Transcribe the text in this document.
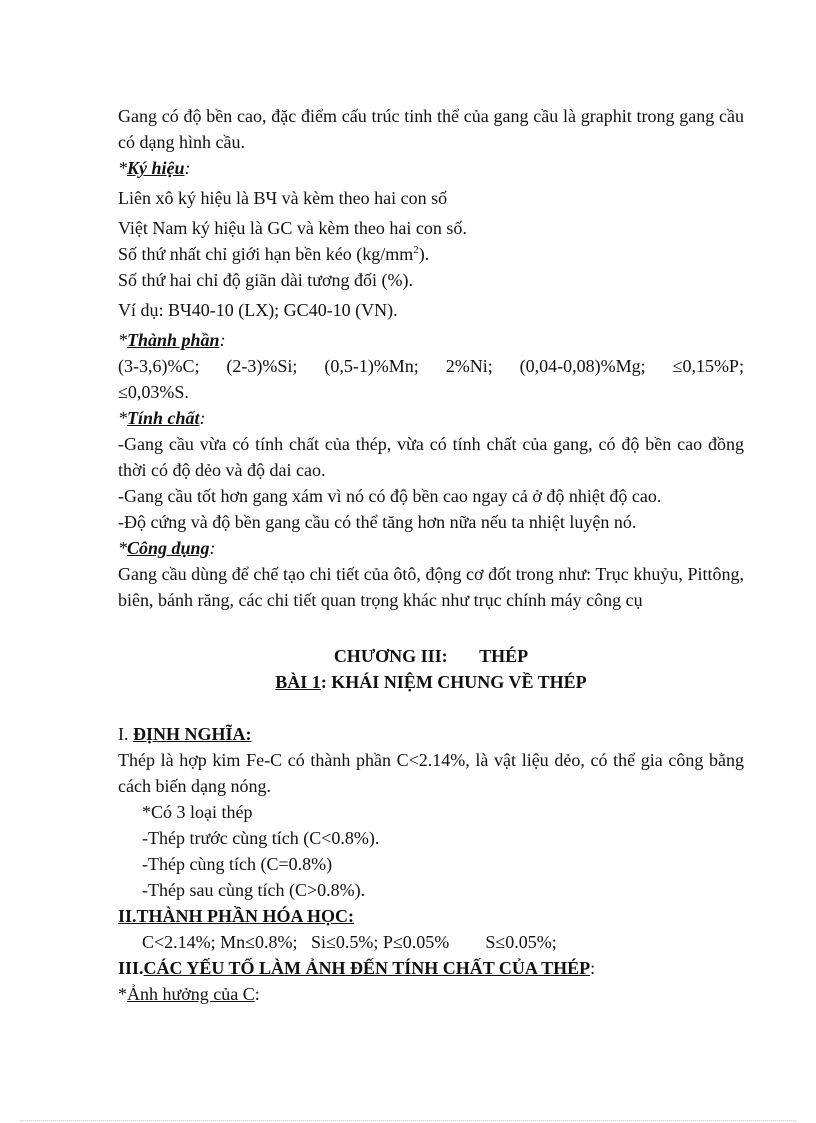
Gang có độ bền cao, đặc điểm cấu trúc tinh thể của gang cầu là graphit trong gang cầu có dạng hình cầu.

*Ký hiệu:

Liên xô ký hiệu là BЧ và kèm theo hai con số

Việt Nam ký hiệu là GC và kèm theo hai con số.

Số thứ nhất chỉ giới hạn bền kéo $(kg/mm^2)$.

Số thứ hai chỉ độ giãn dài tương đối (%).

Ví dụ: BЧ40-10 (LX); GC40-10 (VN).

*Thành phần:

(3-3,6)%C; (2-3)%Si; (0,5-1)%Mn; 2%Ni; (0,04-0,08)%Mg; ≤0,15%P;

≤0,03%S.

*Tính chất:

-Gang cầu vừa có tính chất của thép, vừa có tính chất của gang, có độ bền cao đồng thời có độ dẻo và độ dai cao.

-Gang cầu tốt hơn gang xám vì nó có độ bền cao ngay cả ở độ nhiệt độ cao.

-Độ cứng và độ bền gang cầu có thể tăng hơn nữa nếu ta nhiệt luyện nó.

*Công dụng:

Gang cầu dùng để chế tạo chi tiết của ôtô, động cơ đốt trong như: Trục khuỷu, Pittông, biên, bánh răng, các chi tiết quan trọng khác như trục chính máy công cụ

CHƯƠNG III: THÉP

BÀI 1: KHÁI NIỆM CHUNG VỀ THÉP

I. ĐỊNH NGHĨA:

Thép là hợp kim Fe-C có thành phần C<2.14%, là vật liệu dẻo, có thể gia công bằng cách biến dạng nóng.

*Có 3 loại thép

-Thép trước cùng tích (C<0.8%).

-Thép cùng tích (C=0.8%)

-Thép sau cùng tích (C>0.8%).

II.THÀNH PHẦN HÓA HỌC:

C<2.14%; Mn≤0.8%; Si≤0.5%; P≤0.05% S≤0.05%;

III.CÁC YẾU TỐ LÀM ẢNH ĐẾN TÍNH CHẤT CỦA THÉP:

*Ảnh hưởng của C:
